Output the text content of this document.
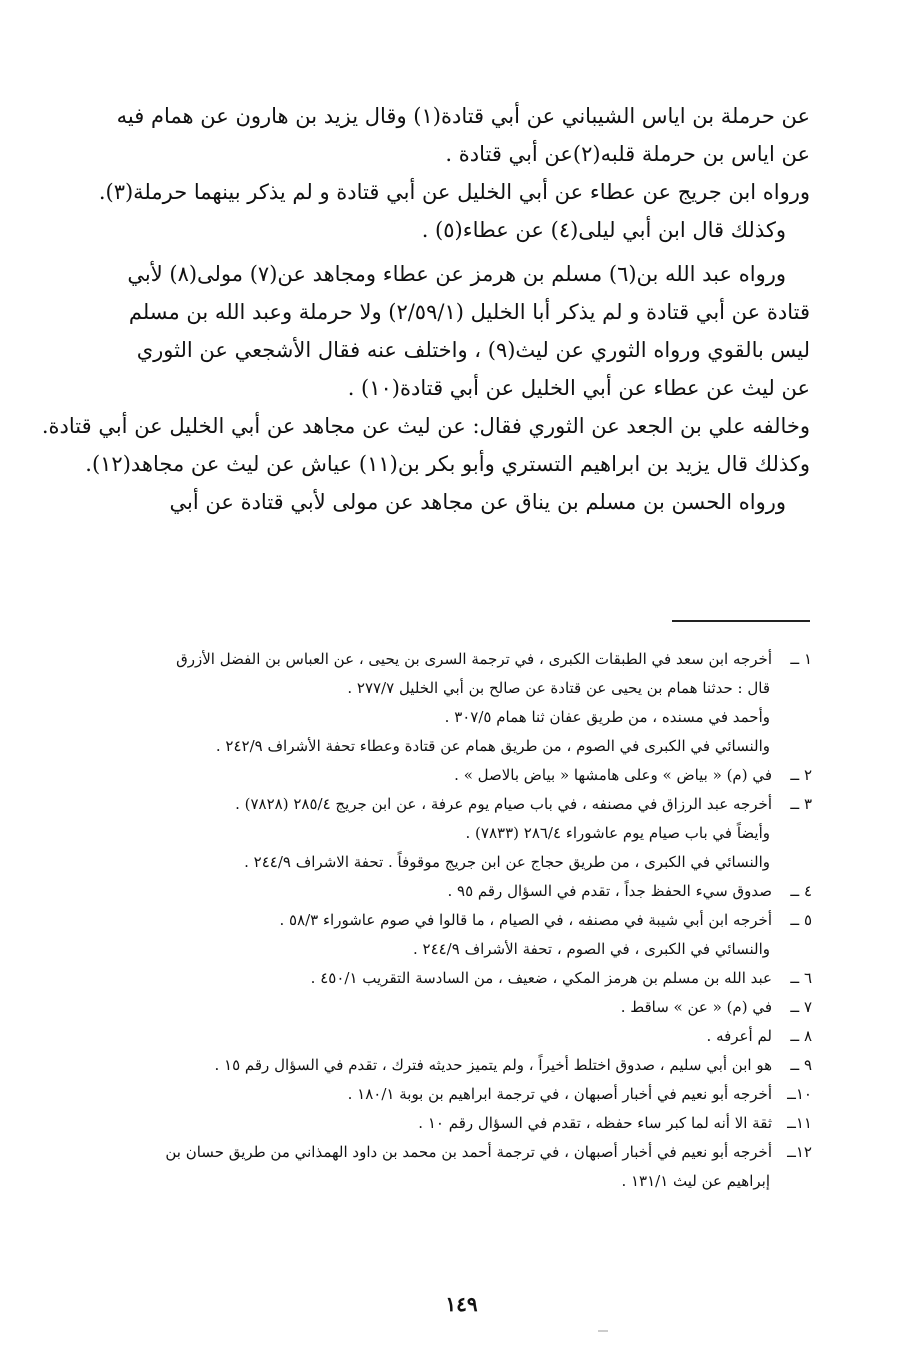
عن حرملة بن اياس الشيباني عن أبي قتادة(١) وقال يزيد بن هارون عن همام فيه
عن اياس بن حرملة قلبه(٢)عن أبي قتادة .
ورواه ابن جريج عن عطاء عن أبي الخليل عن أبي قتادة و لم يذكر بينهما حرملة(٣).
وكذلك قال ابن أبي ليلى(٤) عن عطاء(٥) .
ورواه عبد الله بن(٦) مسلم بن هرمز عن عطاء ومجاهد عن(٧) مولى(٨) لأبي
قتادة عن أبي قتادة و لم يذكر أبا الخليل (٢/٥٩/١) ولا حرملة وعبد الله بن مسلم
ليس بالقوي ورواه الثوري عن ليث(٩) ، واختلف عنه فقال الأشجعي عن الثوري
عن ليث عن عطاء عن أبي الخليل عن أبي قتادة(١٠) .
وخالفه علي بن الجعد عن الثوري فقال: عن ليث عن مجاهد عن أبي الخليل عن أبي قتادة.
وكذلك قال يزيد بن ابراهيم التستري وأبو بكر بن(١١) عياش عن ليث عن مجاهد(١٢).
ورواه الحسن بن مسلم بن يناق عن مجاهد عن مولى لأبي قتادة عن أبي
١ ــأخرجه ابن سعد في الطبقات الكبرى ، في ترجمة السرى بن يحيى ، عن العباس بن الفضل الأزرق
قال : حدثنا همام بن يحيى عن قتادة عن صالح بن أبي الخليل ٢٧٧/٧ .
وأحمد في مسنده ، من طريق عفان ثنا همام ٣٠٧/٥ .
والنسائي في الكبرى في الصوم ، من طريق همام عن قتادة وعطاء تحفة الأشراف ٢٤٢/٩ .
٢ ــفي (م) « بياض » وعلى هامشها « بياض بالاصل » .
٣ ــأخرجه عبد الرزاق في مصنفه ، في باب صيام يوم عرفة ، عن ابن جريج ٢٨٥/٤ (٧٨٢٨) .
وأيضاً في باب صيام يوم عاشوراء ٢٨٦/٤ (٧٨٣٣) .
والنسائي في الكبرى ، من طريق حجاج عن ابن جريج موقوفاً . تحفة الاشراف ٢٤٤/٩ .
٤ ــصدوق سيء الحفظ جداً ، تقدم في السؤال رقم ٩٥ .
٥ ــأخرجه ابن أبي شيبة في مصنفه ، في الصيام ، ما قالوا في صوم عاشوراء ٥٨/٣ .
والنسائي في الكبرى ، في الصوم ، تحفة الأشراف ٢٤٤/٩ .
٦ ــعبد الله بن مسلم بن هرمز المكي ، ضعيف ، من السادسة التقريب ٤٥٠/١ .
٧ ــفي (م) « عن » ساقط .
٨ ــلم أعرفه .
٩ ــهو ابن أبي سليم ، صدوق اختلط أخيراً ، ولم يتميز حديثه فترك ، تقدم في السؤال رقم ١٥ .
١٠ــأخرجه أبو نعيم في أخبار أصبهان ، في ترجمة ابراهيم بن بوبة ١٨٠/١ .
١١ــثقة الا أنه لما كبر ساء حفظه ، تقدم في السؤال رقم ١٠ .
١٢ــأخرجه أبو نعيم في أخبار أصبهان ، في ترجمة أحمد بن محمد بن داود الهمذاني من طريق حسان بن
إبراهيم عن ليث ١٣١/١ .
١٤٩
